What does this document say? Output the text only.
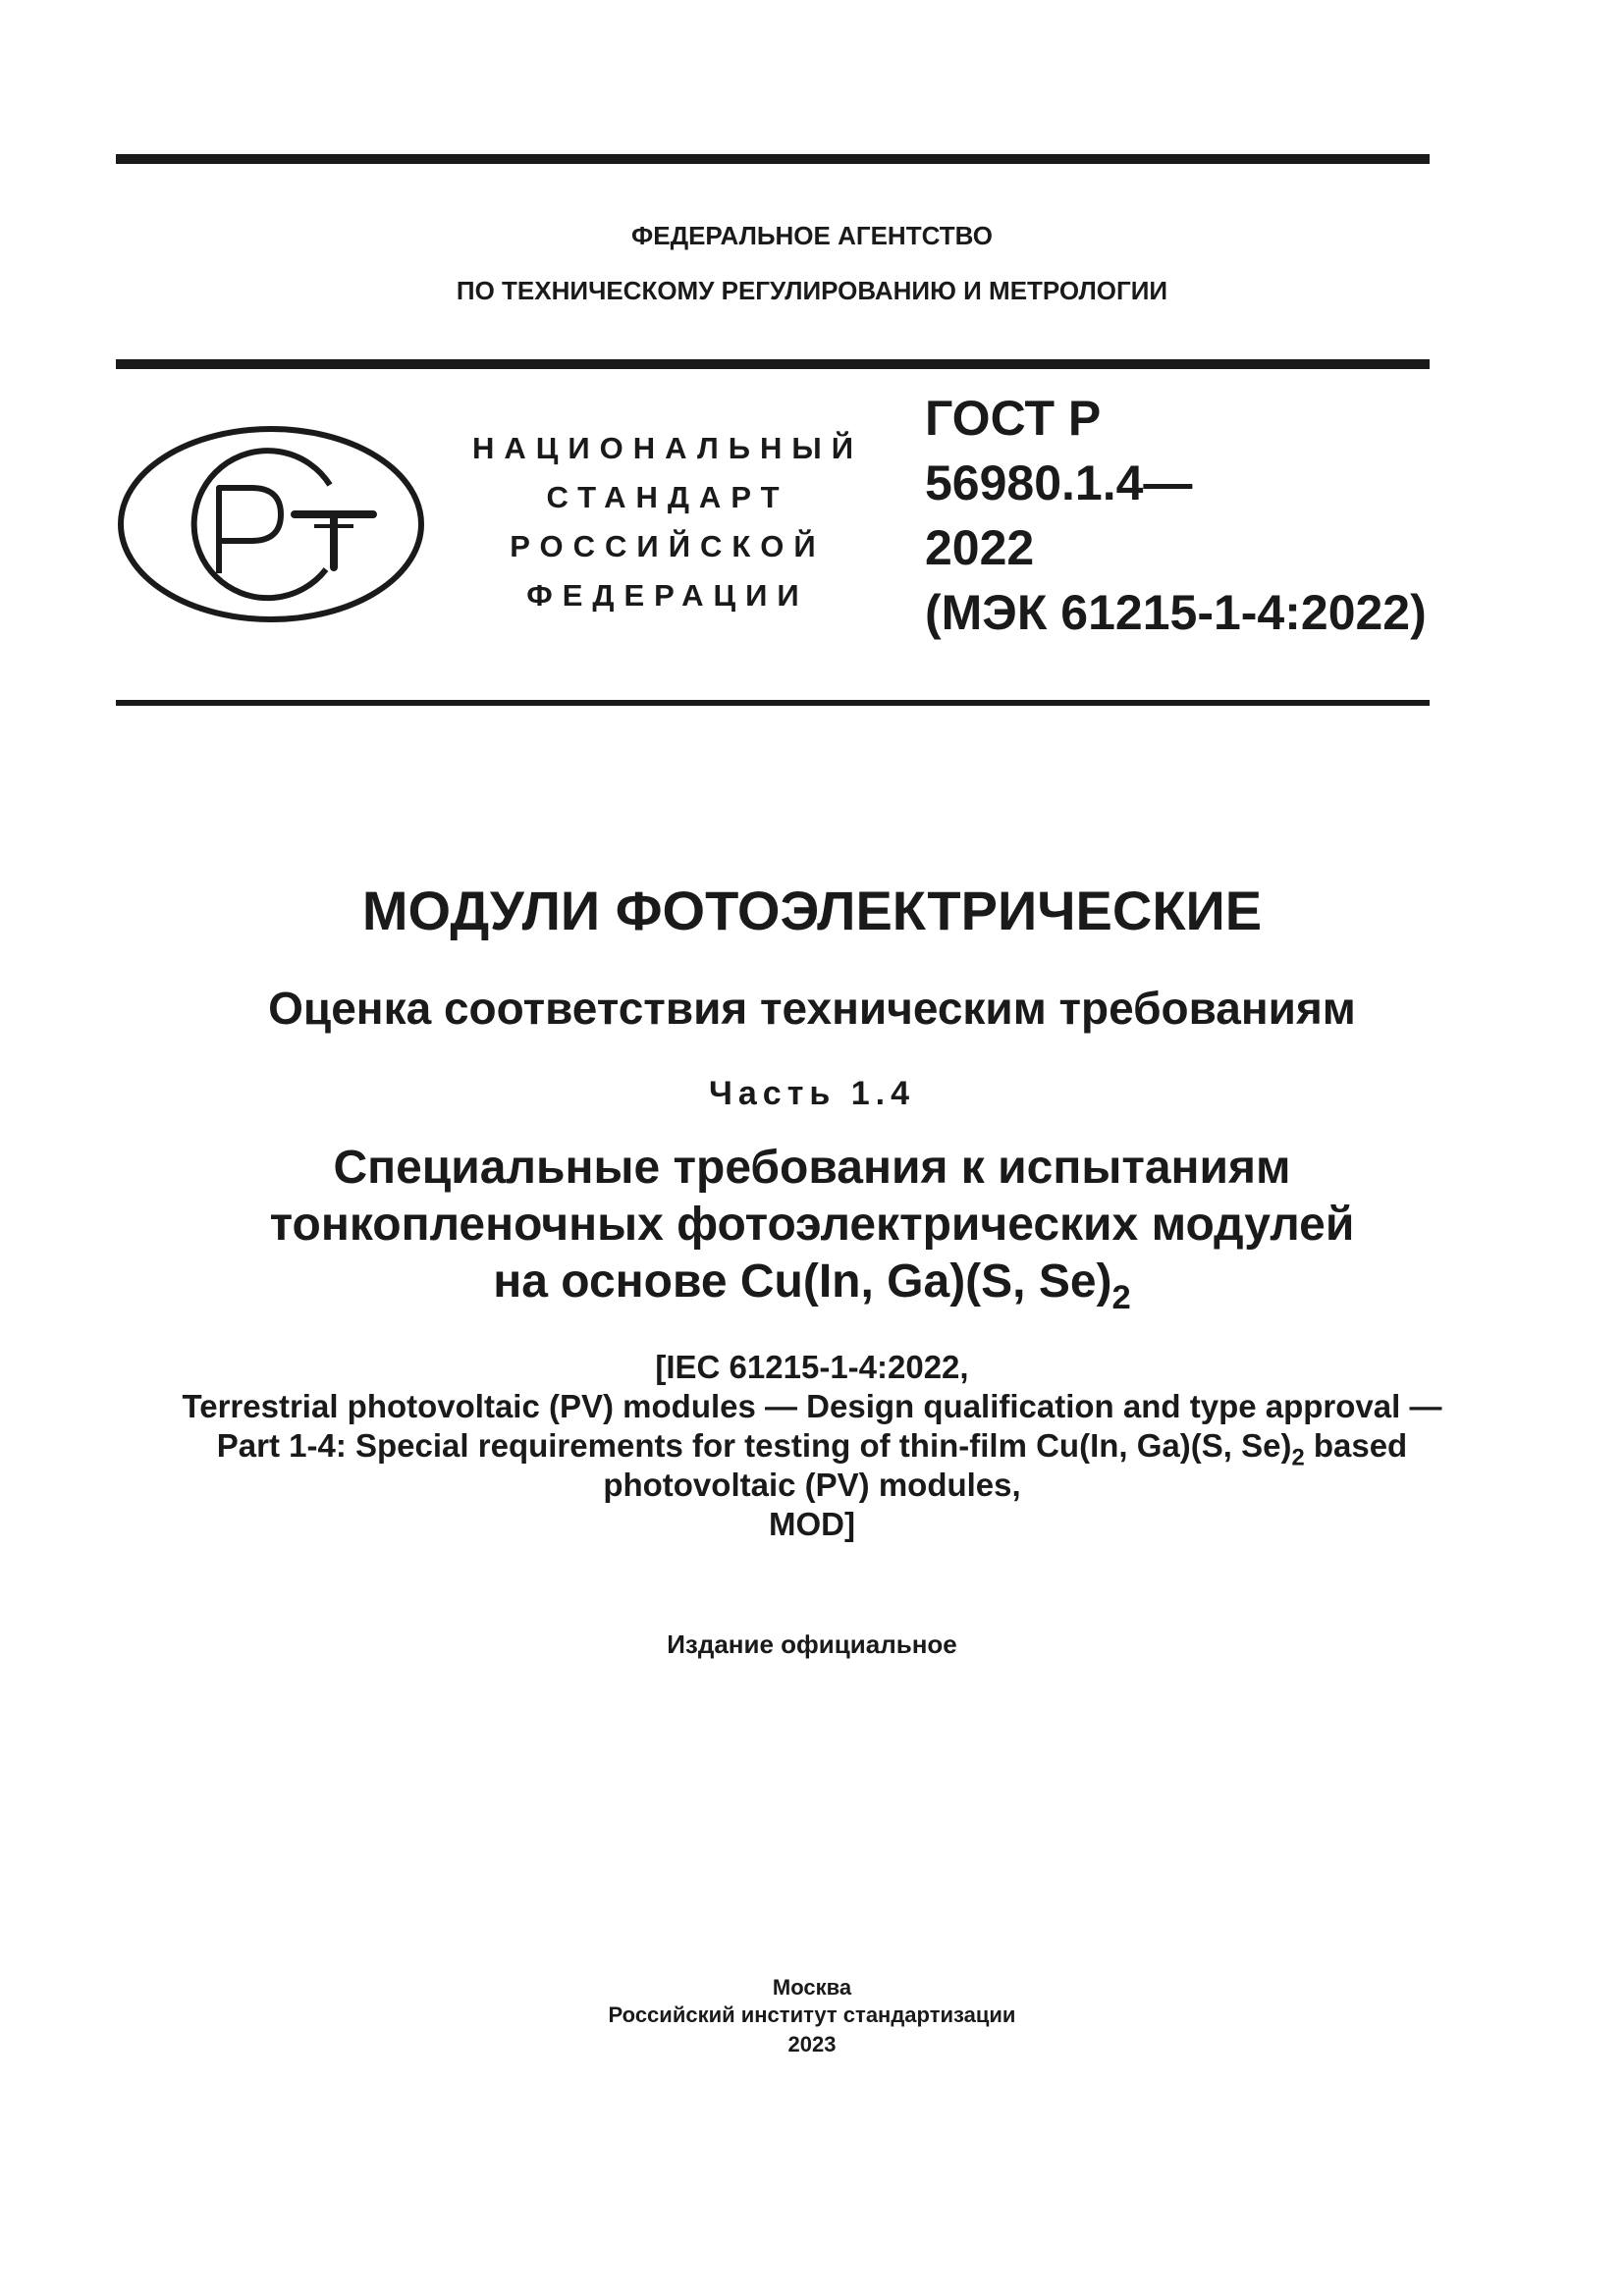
ФЕДЕРАЛЬНОЕ АГЕНТСТВО
ПО ТЕХНИЧЕСКОМУ РЕГУЛИРОВАНИЮ И МЕТРОЛОГИИ
НАЦИОНАЛЬНЫЙ
СТАНДАРТ
РОССИЙСКОЙ
ФЕДЕРАЦИИ
ГОСТ Р
56980.1.4—
2022
(МЭК 61215-1-4:2022)
МОДУЛИ ФОТОЭЛЕКТРИЧЕСКИЕ
Оценка соответствия техническим требованиям
Часть 1.4
Специальные требования к испытаниям
тонкопленочных фотоэлектрических модулей
на основе Cu(In, Ga)(S, $Se)_2$
[IEC 61215-1-4:2022,
Terrestrial photovoltaic (PV) modules — Design qualification and type approval —
Part 1-4: Special requirements for testing of thin-film Cu(In, Ga)(S, $Se)_2$ based
photovoltaic (PV) modules,
MOD]
Издание официальное
Москва
Российский институт стандартизации
2023
